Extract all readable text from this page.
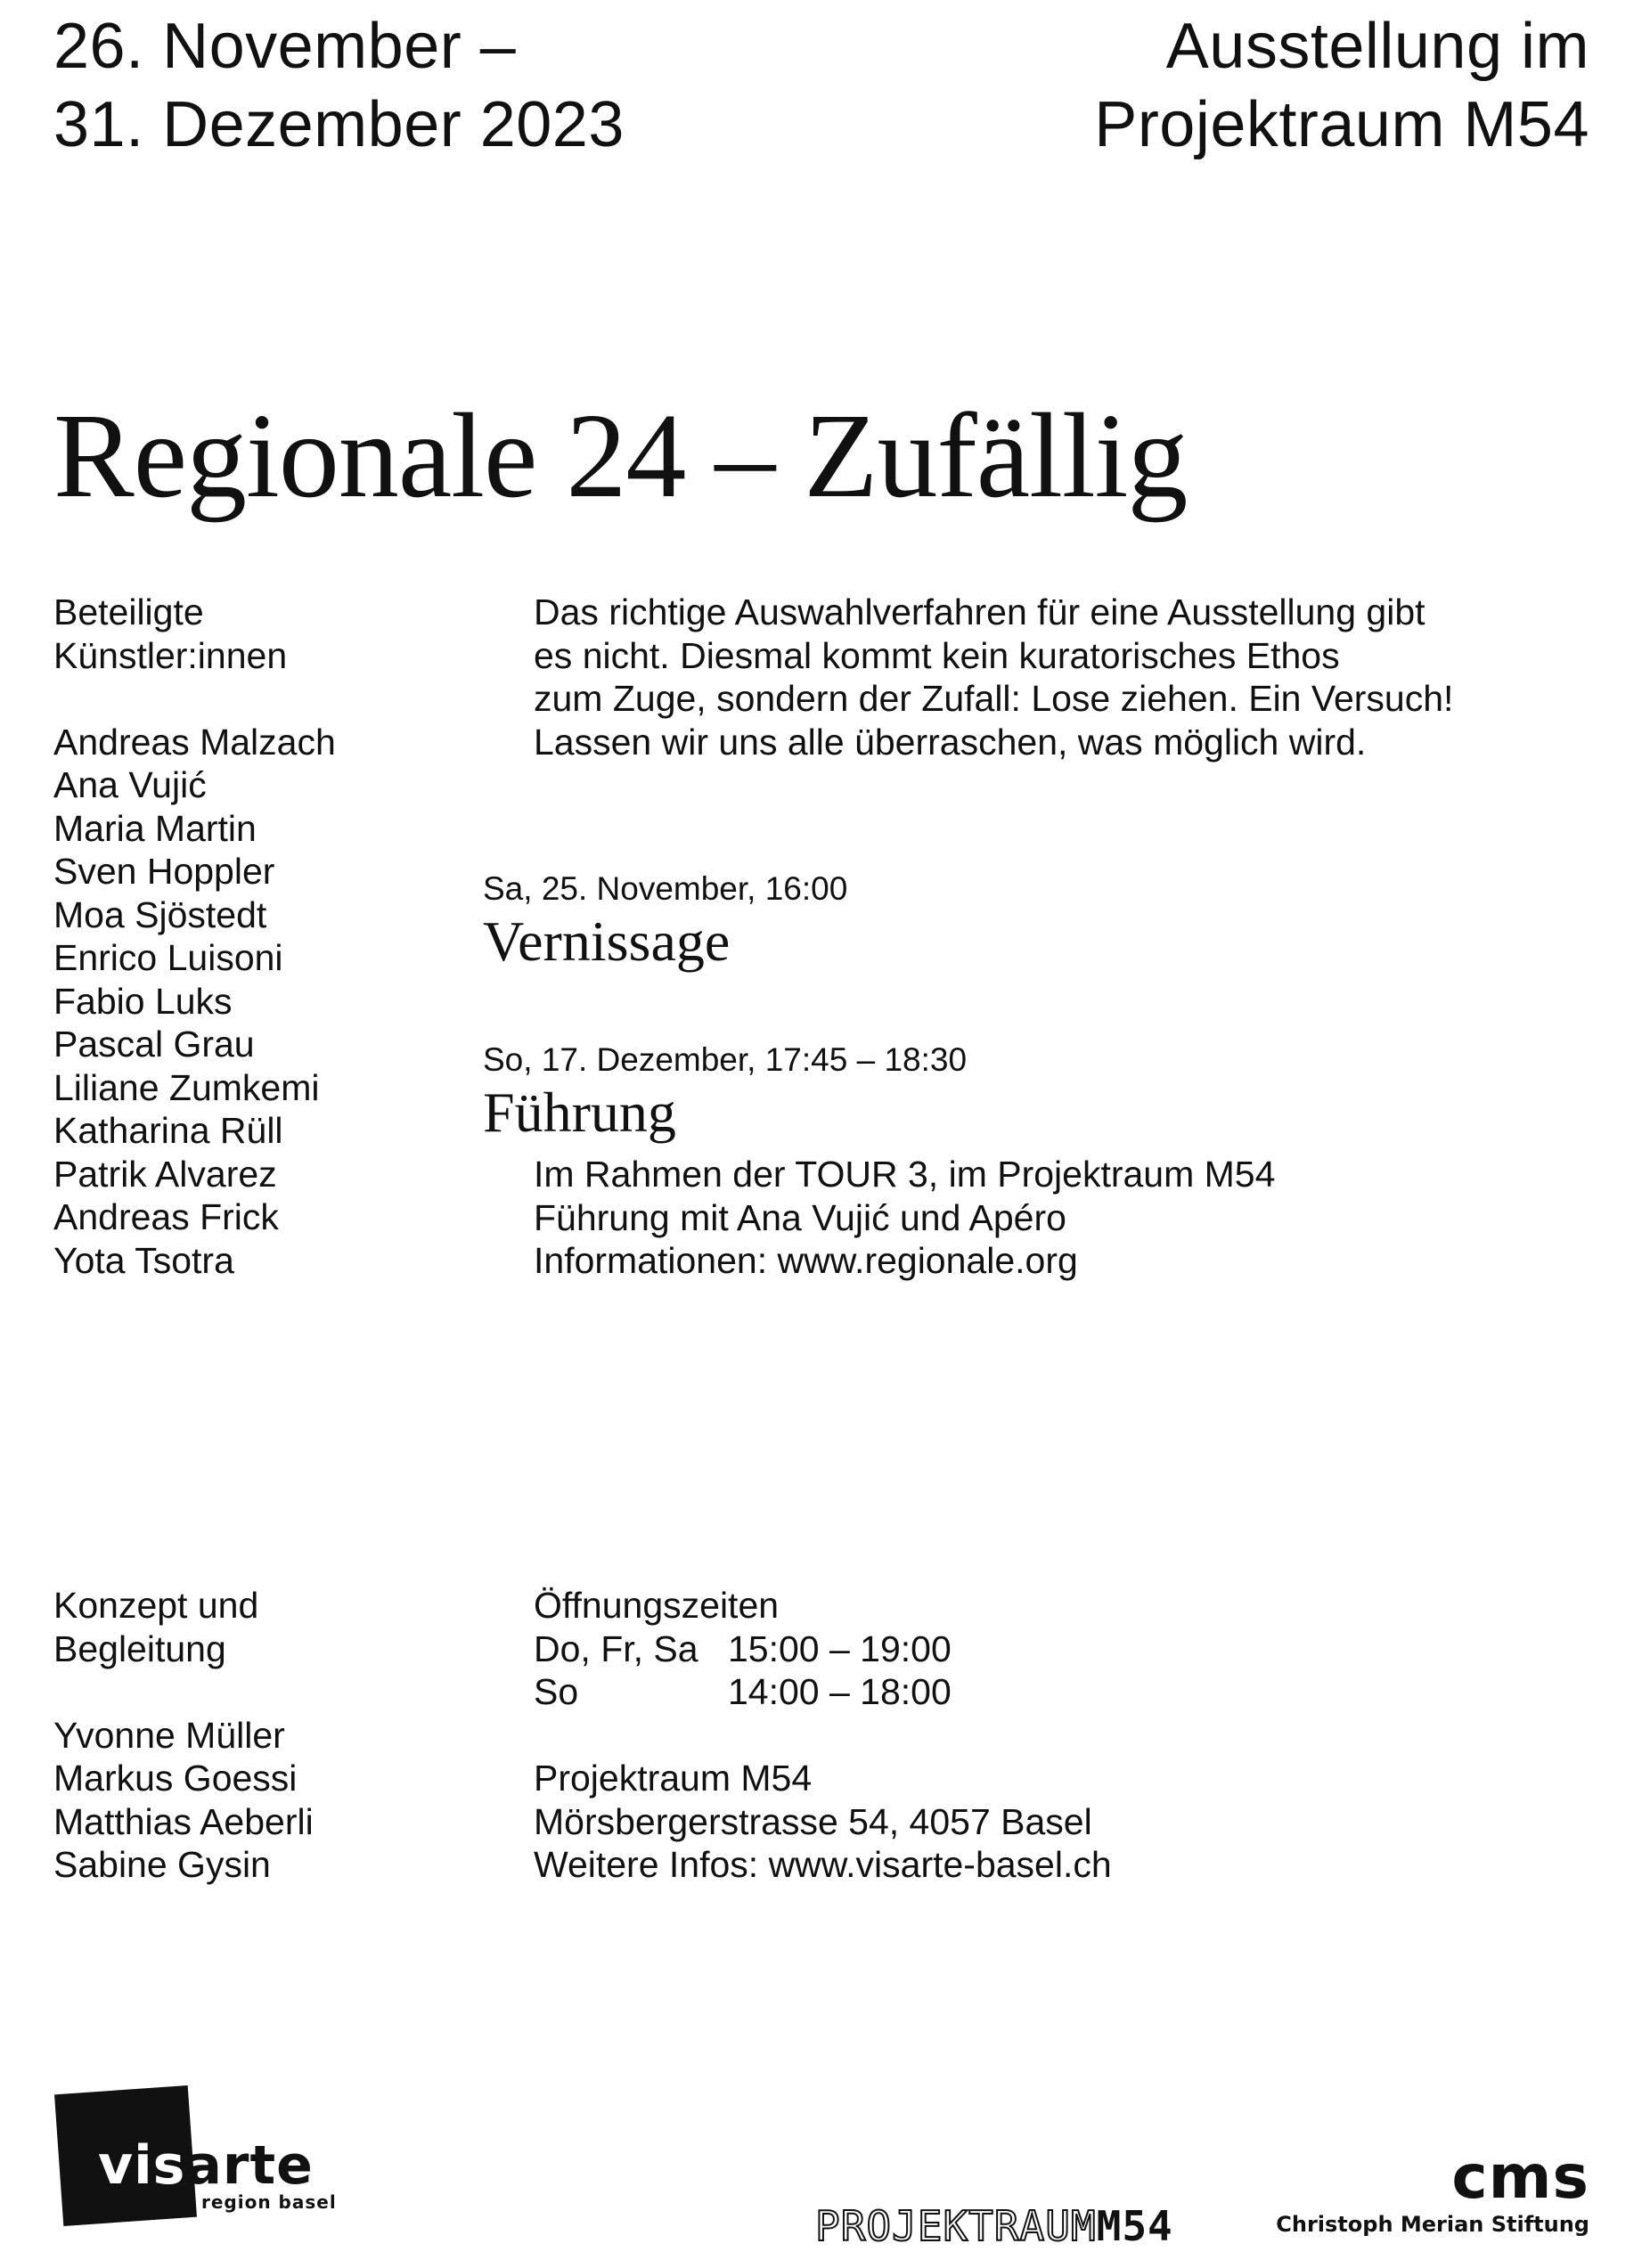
26. November –
31. Dezember 2023
Ausstellung im
Projektraum M54
Regionale 24 – Zufällig
Beteiligte
Künstler:innen
Andreas Malzach
Ana Vujić
Maria Martin
Sven Hoppler
Moa Sjöstedt
Enrico Luisoni
Fabio Luks
Pascal Grau
Liliane Zumkemi
Katharina Rüll
Patrik Alvarez
Andreas Frick
Yota Tsotra
Das richtige Auswahlverfahren für eine Ausstellung gibt
es nicht. Diesmal kommt kein kuratorisches Ethos
zum Zuge, sondern der Zufall: Lose ziehen. Ein Versuch!
Lassen wir uns alle überraschen, was möglich wird.
Sa, 25. November, 16:00
Vernissage
So, 17. Dezember, 17:45 – 18:30
Führung
Im Rahmen der TOUR 3, im Projektraum M54
Führung mit Ana Vujić und Apéro
Informationen: www.regionale.org
Konzept und
Begleitung
Yvonne Müller
Markus Goessi
Matthias Aeberli
Sabine Gysin
Öffnungszeiten
Do, Fr, Sa 15:00 – 19:00
So	14:00 – 18:00
Projektraum M54
Mörsbergerstrasse 54, 4057 Basel
Weitere Infos: www.visarte-basel.ch
visarte
region basel	PROJEKTRAUMM54
cms
Christoph Merian Stiftung
